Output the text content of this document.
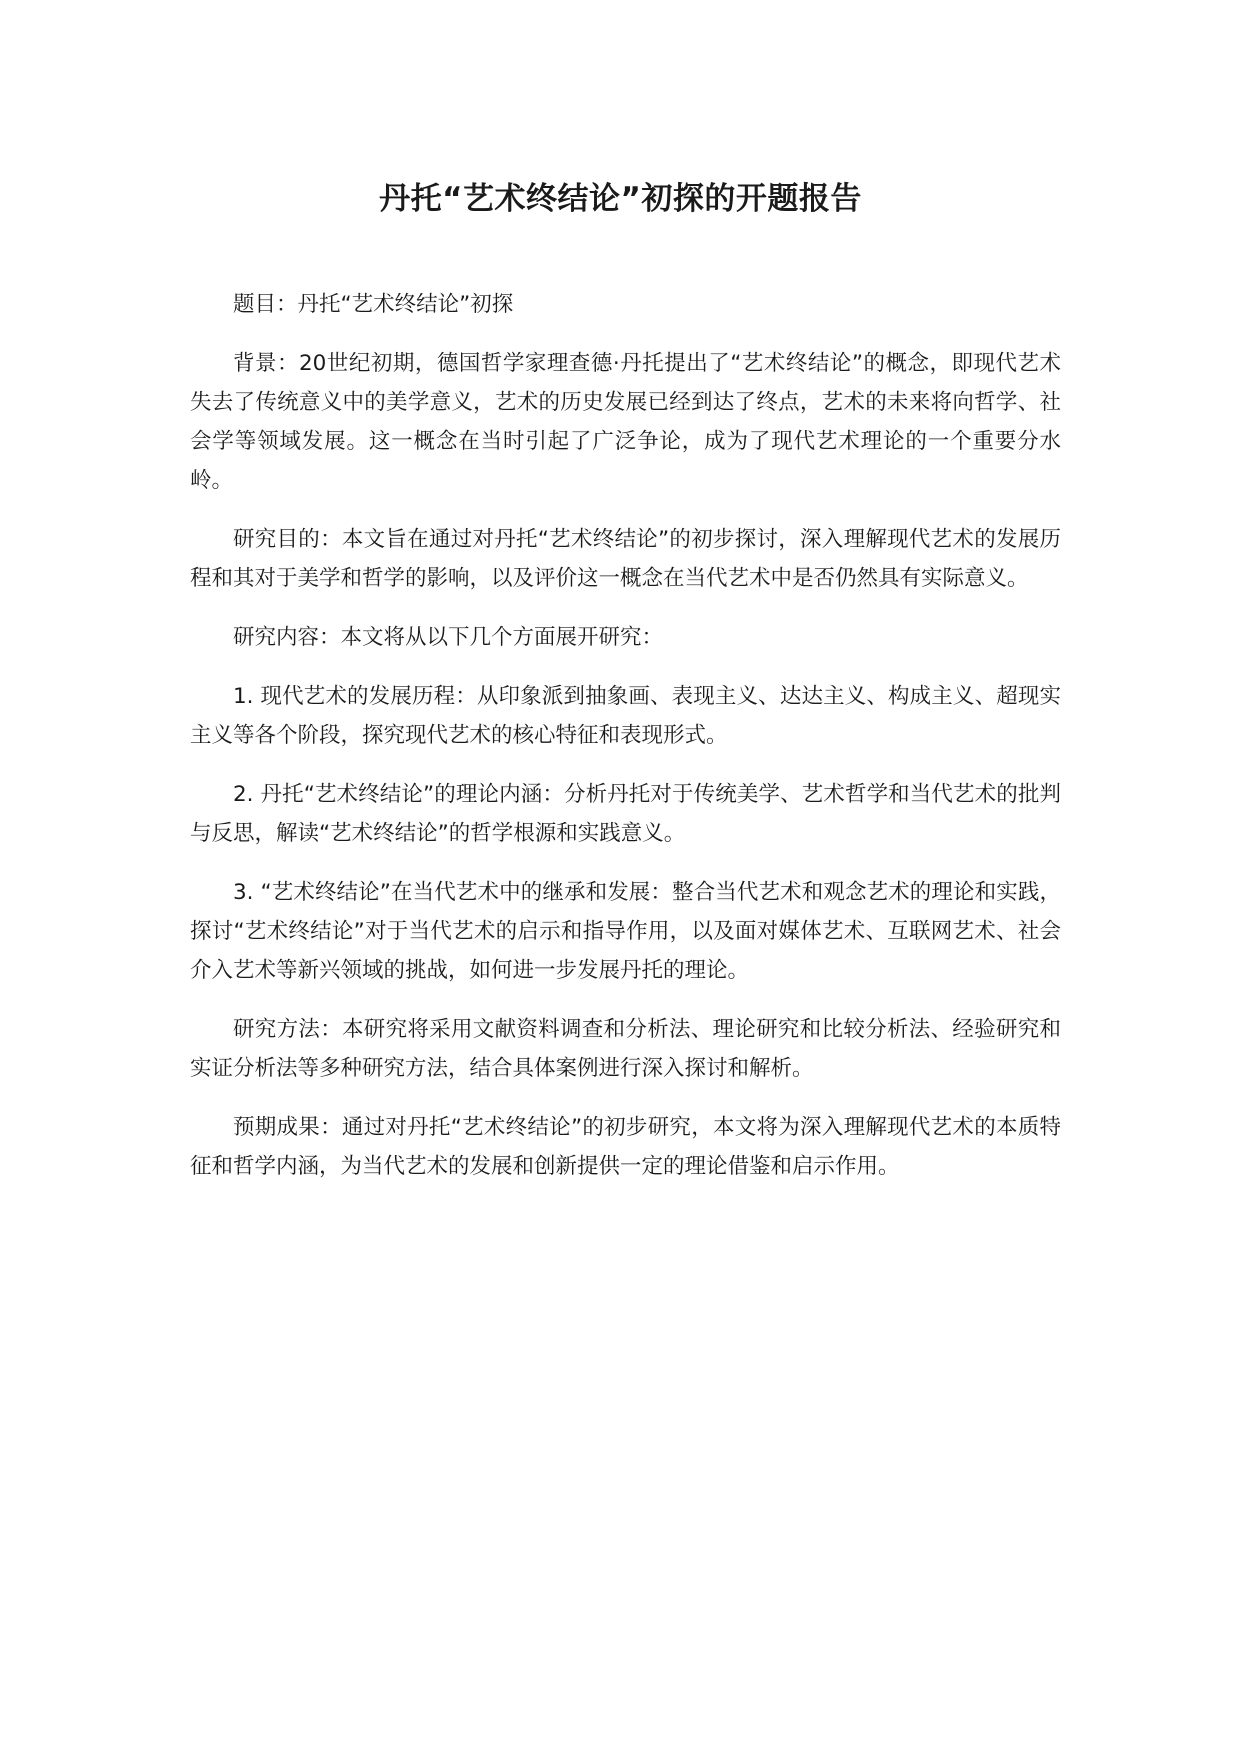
丹托“艺术终结论”初探的开题报告

题目：丹托“艺术终结论”初探

背景：20世纪初期，德国哲学家理查德·丹托提出了“艺术终结论”的概念，即现代艺术失去了传统意义中的美学意义，艺术的历史发展已经到达了终点，艺术的未来将向哲学、社会学等领域发展。这一概念在当时引起了广泛争论，成为了现代艺术理论的一个重要分水岭。

研究目的：本文旨在通过对丹托“艺术终结论”的初步探讨，深入理解现代艺术的发展历程和其对于美学和哲学的影响，以及评价这一概念在当代艺术中是否仍然具有实际意义。

研究内容：本文将从以下几个方面展开研究：

1. 现代艺术的发展历程：从印象派到抽象画、表现主义、达达主义、构成主义、超现实主义等各个阶段，探究现代艺术的核心特征和表现形式。

2. 丹托“艺术终结论”的理论内涵：分析丹托对于传统美学、艺术哲学和当代艺术的批判与反思，解读“艺术终结论”的哲学根源和实践意义。

3. “艺术终结论”在当代艺术中的继承和发展：整合当代艺术和观念艺术的理论和实践，探讨“艺术终结论”对于当代艺术的启示和指导作用，以及面对媒体艺术、互联网艺术、社会介入艺术等新兴领域的挑战，如何进一步发展丹托的理论。

研究方法：本研究将采用文献资料调查和分析法、理论研究和比较分析法、经验研究和实证分析法等多种研究方法，结合具体案例进行深入探讨和解析。

预期成果：通过对丹托“艺术终结论”的初步研究，本文将为深入理解现代艺术的本质特征和哲学内涵，为当代艺术的发展和创新提供一定的理论借鉴和启示作用。
